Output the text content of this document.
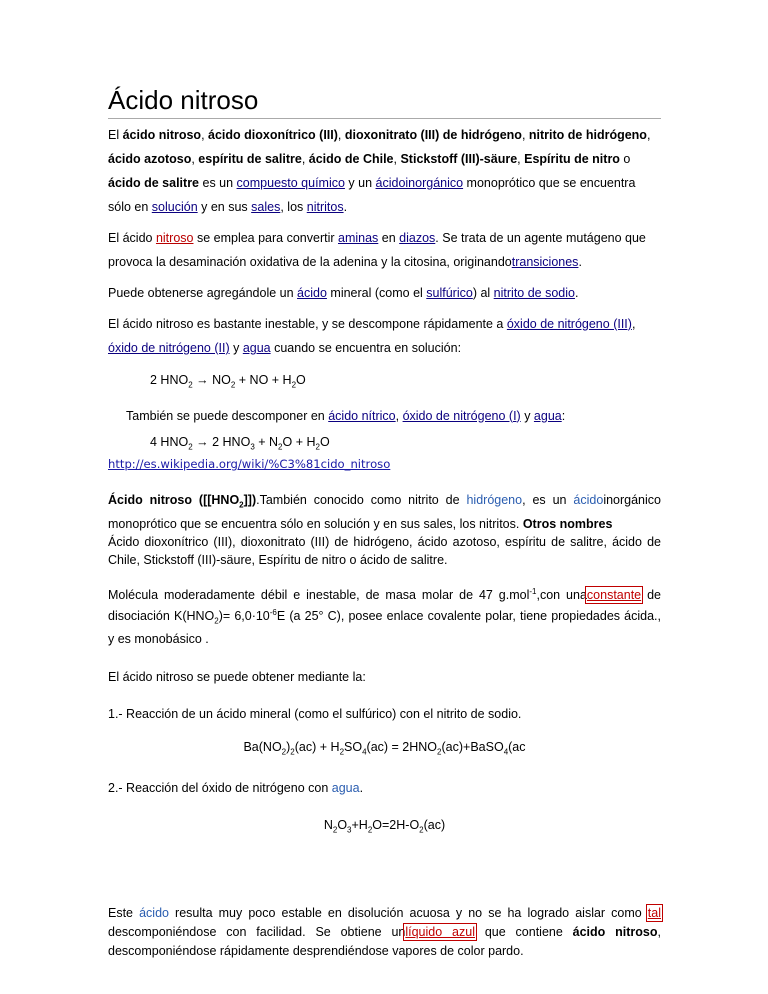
Ácido nitroso

El ácido nitroso, ácido dioxonítrico (III), dioxonitrato (III) de hidrógeno, nitrito de hidrógeno, ácido azotoso, espíritu de salitre, ácido de Chile, Stickstoff (III)-säure, Espíritu de nitro o ácido de salitre es un compuesto químico y un ácidoinorgánico monoprótico que se encuentra sólo en solución y en sus sales, los nitritos.

El ácido nitroso se emplea para convertir aminas en diazos. Se trata de un agente mutágeno que provoca la desaminación oxidativa de la adenina y la citosina, originandotransiciones.

Puede obtenerse agregándole un ácido mineral (como el sulfúrico) al nitrito de sodio.

El ácido nitroso es bastante inestable, y se descompone rápidamente a óxido de nitrógeno (III), óxido de nitrógeno (II) y agua cuando se encuentra en solución:

2 $HNO_2 \to NO_2$ + NO + $H_2O$

También se puede descomponer en ácido nítrico, óxido de nitrógeno (I) y agua:

4 $HNO_2 \to 2$ $HNO_3 + N_2O + H_2O$

http://es.wikipedia.org/wiki/%C3%81cido_nitroso

Ácido nitroso $([[HNO_2]]).También$ conocido como nitrito de hidrógeno, es un ácidoinorgánico monoprótico que se encuentra sólo en solución y en sus sales, los nitritos. Otros nombres
Ácido dioxonítrico (III), dioxonitrato (III) de hidrógeno, ácido azotoso, espíritu de salitre, ácido de Chile, Stickstoff (III)-säure, Espíritu de nitro o ácido de salitre.

Molécula moderadamente débil e inestable, de masa molar de 47 g.mol$^{-1}$,con unaconstante de disociación $K(HNO_2)= 6,0\cdot 10^{-6}E$ (a 25° C), posee enlace covalente polar, tiene propiedades ácida., y es monobásico .

El ácido nitroso se puede obtener mediante la:

1.- Reacción de un ácido mineral (como el sulfúrico) con el nitrito de sodio.

$Ba(NO_2)_2(ac) + H_2SO_4(ac)$ = $2HNO_2(ac)+BaSO_4(ac$

2.- Reacción del óxido de nitrógeno con agua.

$N_2O_3+H_2O=2H-O_2(ac)$

Este ácido resulta muy poco estable en disolución acuosa y no se ha logrado aislar como tal descomponiéndose con facilidad. Se obtiene unlíquido azul que contiene ácido nitroso, descomponiéndose rápidamente desprendiéndose vapores de color pardo.
